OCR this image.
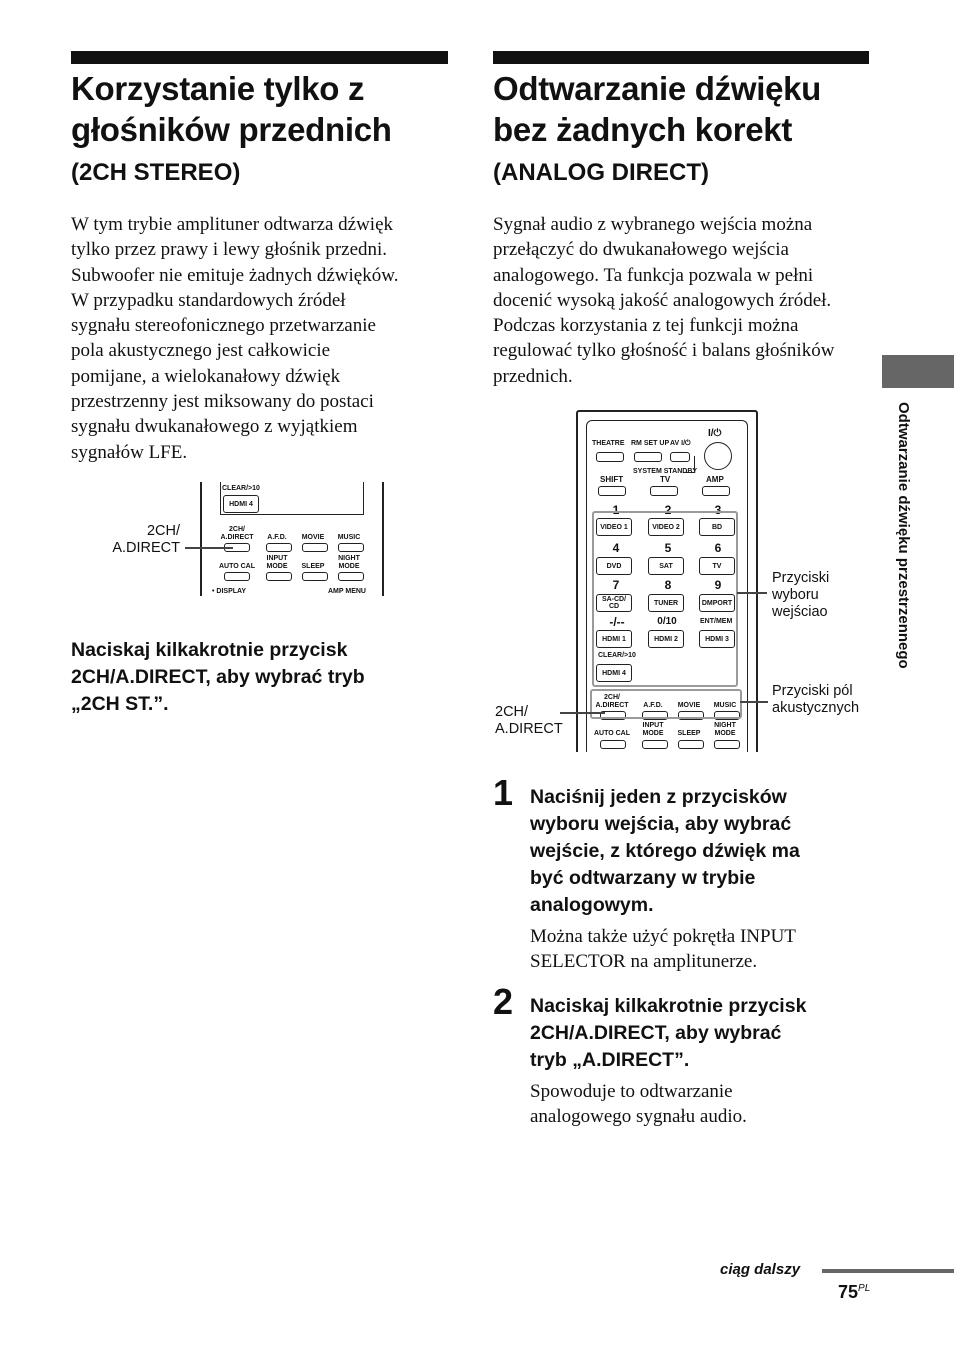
Korzystanie tylko z
głośników przednich
(2CH STEREO)
W tym trybie amplituner odtwarza dźwięk
tylko przez prawy i lewy głośnik przedni.
Subwoofer nie emituje żadnych dźwięków.
W przypadku standardowych źródeł
sygnału stereofonicznego przetwarzanie
pola akustycznego jest całkowicie
pomijane, a wielokanałowy dźwięk
przestrzenny jest miksowany do postaci
sygnału dwukanałowego z wyjątkiem
sygnałów LFE.
CLEAR/>10
HDMI 4
2CH/
A.DIRECT	A.F.D.	MOVIE	MUSIC
AUTO CAL
INPUT
MODE	SLEEP
NIGHT
MODE
• DISPLAY	AMP MENU
2CH/
A.DIRECT
Naciskaj kilkakrotnie przycisk
2CH/A.DIRECT, aby wybrać tryb
„2CH ST.”.
Odtwarzanie dźwięku
bez żadnych korekt
(ANALOG DIRECT)
Sygnał audio z wybranego wejścia można
przełączyć do dwukanałowego wejścia
analogowego. Ta funkcja pozwala w pełni
docenić wysoką jakość analogowych źródeł.
Podczas korzystania z tej funkcji można
regulować tylko głośność i balans głośników
przednich.
THEATRE RM SET UP AV I/⏻
I/⏻
SYSTEM STANDBY
SHIFT	TV	AMP
1	2	3
VIDEO 1	VIDEO 2	BD
4	5	6
DVD	SAT	TV
7	8	9
SA-CD/
CD	TUNER	DMPORT
-/--	0/10	ENT/MEM
HDMI 1	HDMI 2	HDMI 3
CLEAR/>10
HDMI 4
2CH/
A.DIRECT	A.F.D.	MOVIE	MUSIC
AUTO CAL
INPUT
MODE	SLEEP
NIGHT
MODE
Przyciski
wyboru
wejściao
Przyciski pól
akustycznych
2CH/
A.DIRECT
1 Naciśnij jeden z przycisków
wyboru wejścia, aby wybrać
wejście, z którego dźwięk ma
być odtwarzany w trybie
analogowym.
Można także użyć pokrętła INPUT
SELECTOR na amplitunerze.
2 Naciskaj kilkakrotnie przycisk
2CH/A.DIRECT, aby wybrać
tryb „A.DIRECT”.
Spowoduje to odtwarzanie
analogowego sygnału audio.
Odtwarzanie dźwięku przestrzennego
ciąg dalszy
$75^{PL}$
